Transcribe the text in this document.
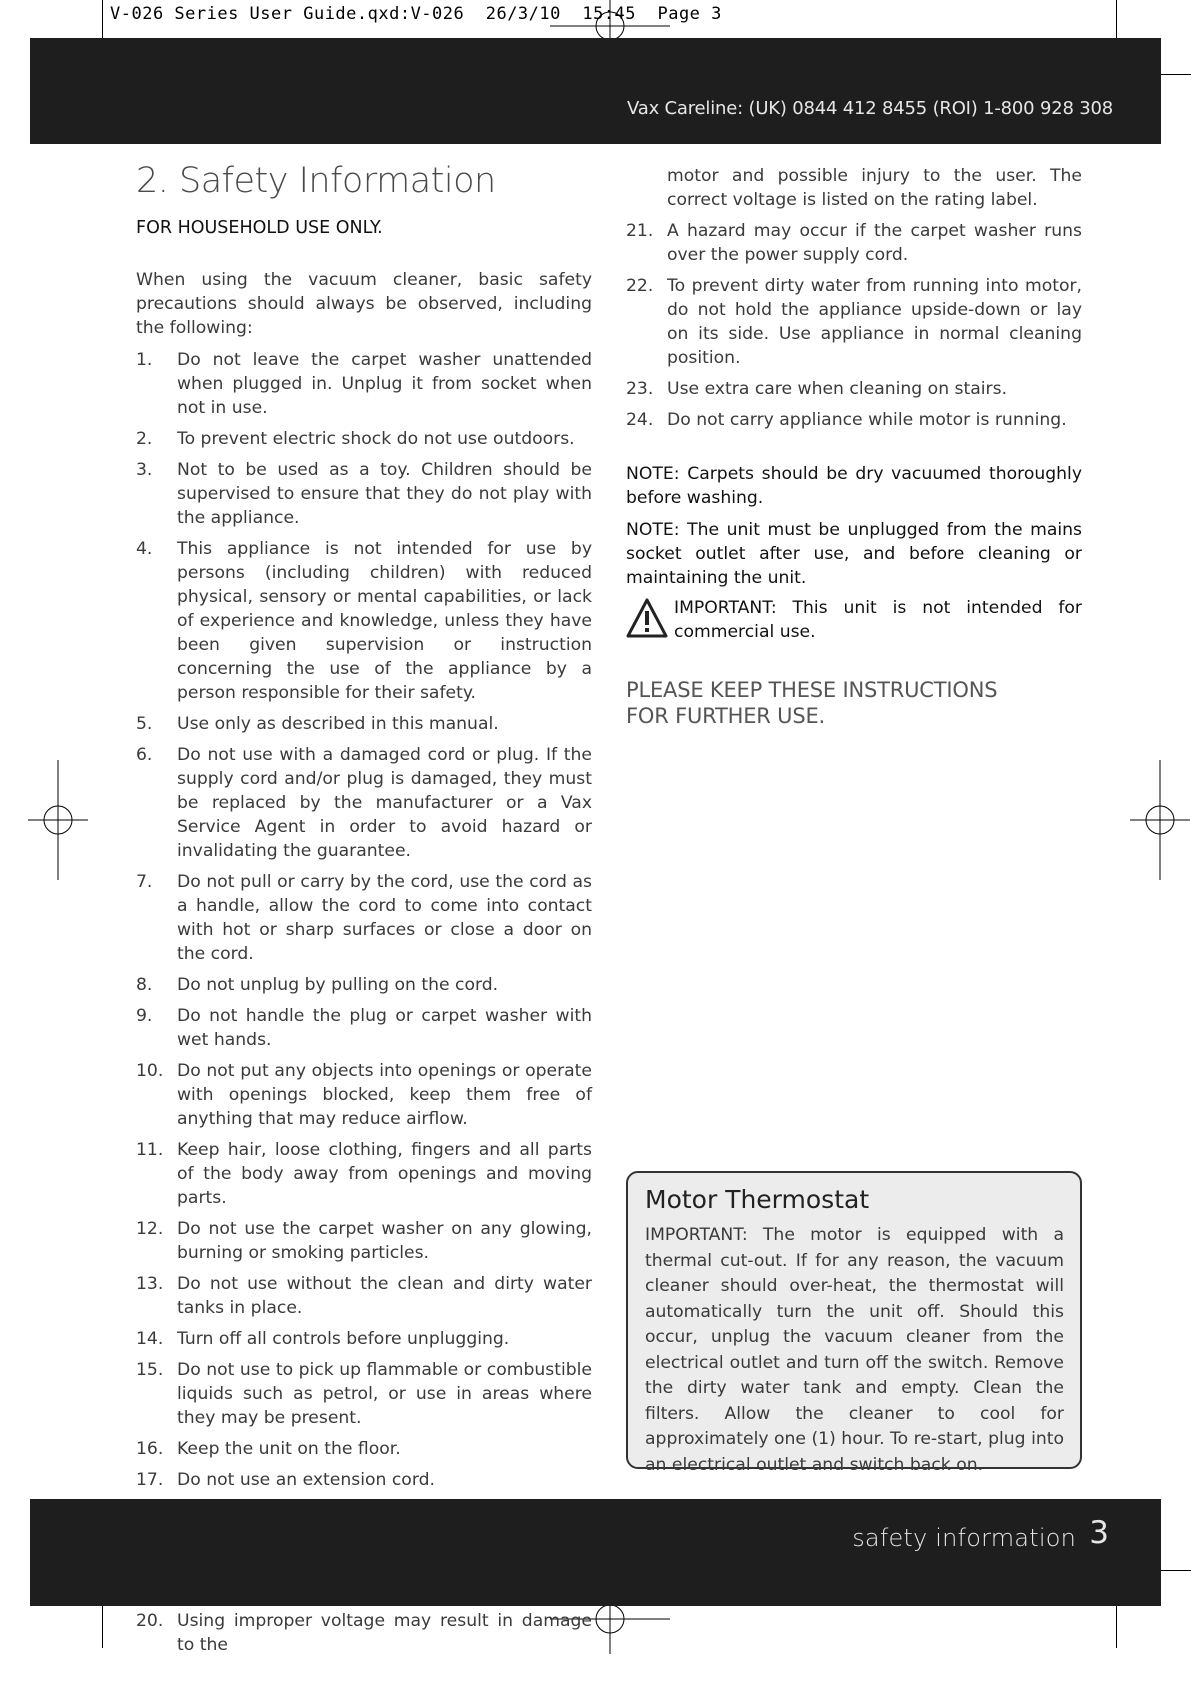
V-026 Series User Guide.qxd:V-026  26/3/10  15:45  Page 3
Vax Careline: (UK) 0844 412 8455 (ROI) 1-800 928 308
2. Safety Information
FOR HOUSEHOLD USE ONLY.
When using the vacuum cleaner, basic safety precautions should always be observed, including the following:
1.	Do not leave the carpet washer unattended when plugged in. Unplug it from socket when not in use.
2.	To prevent electric shock do not use outdoors.
3.	Not to be used as a toy. Children should be supervised to ensure that they do not play with the appliance.
4.	This appliance is not intended for use by persons (including children) with reduced physical, sensory or mental capabilities, or lack of experience and knowledge, unless they have been given supervision or instruction concerning the use of the appliance by a person responsible for their safety.
5.	Use only as described in this manual.
6.	Do not use with a damaged cord or plug. If the supply cord and/or plug is damaged, they must be replaced by the manufacturer or a Vax Service Agent in order to avoid hazard or invalidating the guarantee.
7.	Do not pull or carry by the cord, use the cord as a handle, allow the cord to come into contact with hot or sharp surfaces or close a door on the cord.
8.	Do not unplug by pulling on the cord.
9.	Do not handle the plug or carpet washer with wet hands.
10. Do not put any objects into openings or operate with openings blocked, keep them free of anything that may reduce airflow.
11. Keep hair, loose clothing, fingers and all parts of the body away from openings and moving parts.
12. Do not use the carpet washer on any glowing, burning or smoking particles.
13. Do not use without the clean and dirty water tanks in place.
14. Turn off all controls before unplugging.
15. Do not use to pick up flammable or combustible liquids such as petrol, or use in areas where they may be present.
16. Keep the unit on the floor.
17. Do not use an extension cord.
20. Using improper voltage may result in damage to the
motor and possible injury to the user. The correct voltage is listed on the rating label.
21. A hazard may occur if the carpet washer runs over the power supply cord.
22. To prevent dirty water from running into motor, do not hold the appliance upside-down or lay on its side. Use appliance in normal cleaning position.
23. Use extra care when cleaning on stairs.
24. Do not carry appliance while motor is running.
NOTE: Carpets should be dry vacuumed thoroughly before washing.
NOTE: The unit must be unplugged from the mains socket outlet after use, and before cleaning or maintaining the unit.
IMPORTANT: This unit is not intended for commercial use.
PLEASE KEEP THESE INSTRUCTIONS
FOR FURTHER USE.
Motor Thermostat
IMPORTANT: The motor is equipped with a thermal cut-out. If for any reason, the vacuum cleaner should over-heat, the thermostat will automatically turn the unit off. Should this occur, unplug the vacuum cleaner from the electrical outlet and turn off the switch. Remove the dirty water tank and empty. Clean the filters. Allow the cleaner to cool for approximately one (1) hour. To re-start, plug into an electrical outlet and switch back on.
safety information 3
